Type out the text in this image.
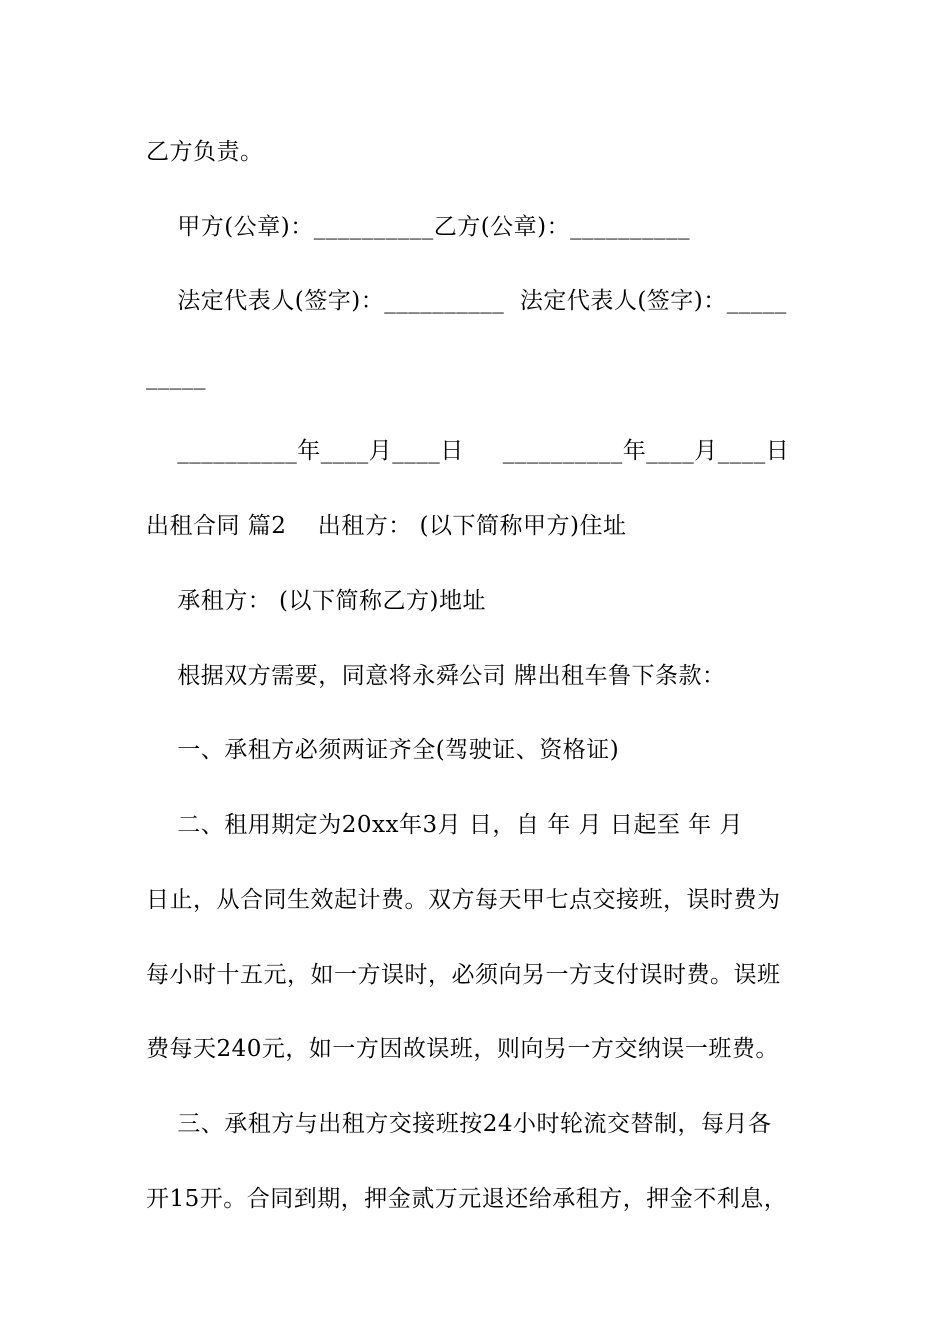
乙方负责。
甲方(公章)：__________乙方(公章)：__________
法定代表人(签字)：__________  法定代表人(签字)：_____
_____
__________年____月____日     __________年____月____日
出租合同 篇2    出租方： (以下简称甲方)住址
承租方： (以下简称乙方)地址
根据双方需要，同意将永舜公司 牌出租车鲁下条款：
一、承租方必须两证齐全(驾驶证、资格证)
二、租用期定为20xx年3月 日，自 年 月 日起至 年 月
日止，从合同生效起计费。双方每天甲七点交接班，误时费为
每小时十五元，如一方误时，必须向另一方支付误时费。误班
费每天240元，如一方因故误班，则向另一方交纳误一班费。
三、承租方与出租方交接班按24小时轮流交替制，每月各
开15开。合同到期，押金贰万元退还给承租方，押金不利息，
